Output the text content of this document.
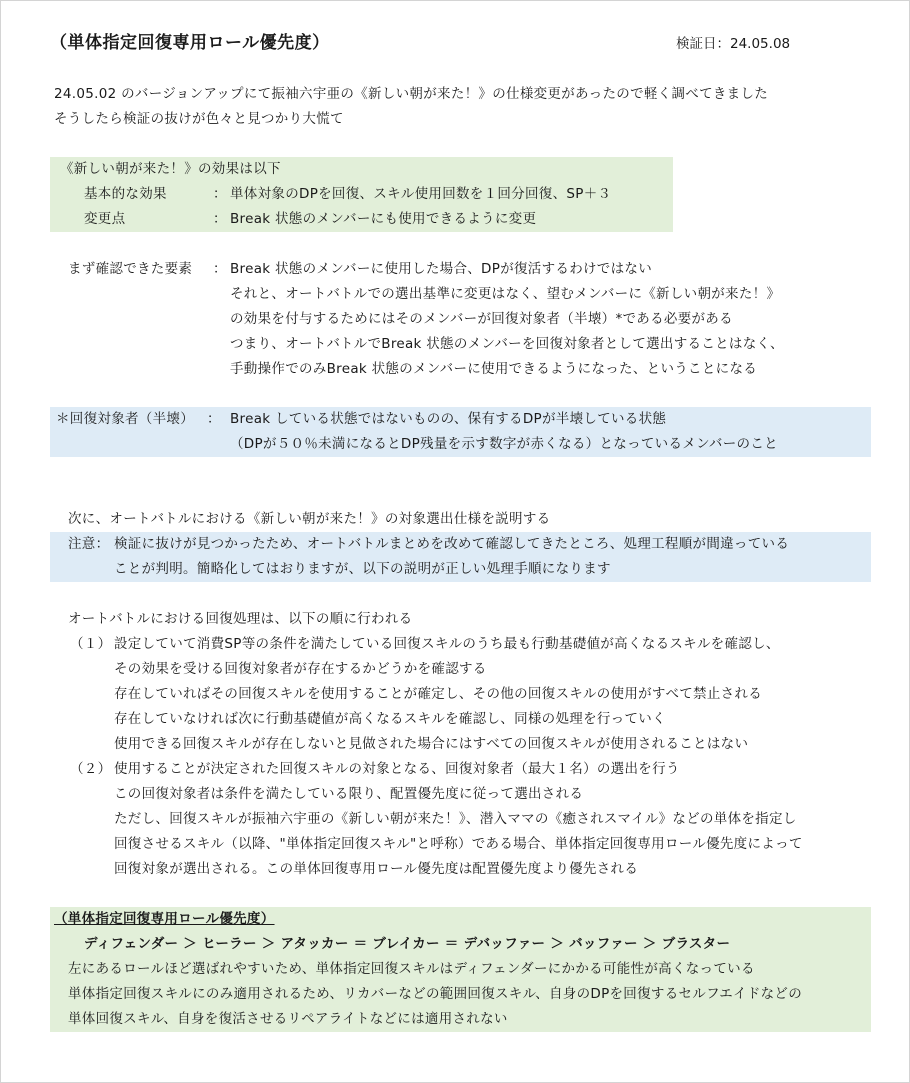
（単体指定回復専用ロール優先度）	検証日：24.05.08
24.05.02 のバージョンアップにて振袖六宇亜の《新しい朝が来た！》の仕様変更があったので軽く調べてきました
そうしたら検証の抜けが色々と見つかり大慌て
《新しい朝が来た！》の効果は以下
基本的な効果	： 単体対象のDPを回復、スキル使用回数を１回分回復、SP＋３
変更点	： Break 状態のメンバーにも使用できるように変更
まず確認できた要素 ： Break 状態のメンバーに使用した場合、DPが復活するわけではない
それと、オートバトルでの選出基準に変更はなく、望むメンバーに《新しい朝が来た！》
の効果を付与するためにはそのメンバーが回復対象者（半壊）*である必要がある
つまり、オートバトルでBreak 状態のメンバーを回復対象者として選出することはなく、
手動操作でのみBreak 状態のメンバーに使用できるようになった、ということになる
＊回復対象者（半壊） ： Break している状態ではないものの、保有するDPが半壊している状態
（DPが５０％未満になるとDP残量を示す数字が赤くなる）となっているメンバーのこと
次に、オートバトルにおける《新しい朝が来た！》の対象選出仕様を説明する
注意： 検証に抜けが見つかったため、オートバトルまとめを改めて確認してきたところ、処理工程順が間違っている
ことが判明。簡略化してはおりますが、以下の説明が正しい処理手順になります
オートバトルにおける回復処理は、以下の順に行われる
（１） 設定していて消費SP等の条件を満たしている回復スキルのうち最も行動基礎値が高くなるスキルを確認し、
その効果を受ける回復対象者が存在するかどうかを確認する
存在していればその回復スキルを使用することが確定し、その他の回復スキルの使用がすべて禁止される
存在していなければ次に行動基礎値が高くなるスキルを確認し、同様の処理を行っていく
使用できる回復スキルが存在しないと見做された場合にはすべての回復スキルが使用されることはない
（２） 使用することが決定された回復スキルの対象となる、回復対象者（最大１名）の選出を行う
この回復対象者は条件を満たしている限り、配置優先度に従って選出される
ただし、回復スキルが振袖六宇亜の《新しい朝が来た！》、潜入ママの《癒されスマイル》などの単体を指定し
回復させるスキル（以降、"単体指定回復スキル"と呼称）である場合、単体指定回復専用ロール優先度によって
回復対象が選出される。この単体回復専用ロール優先度は配置優先度より優先される
（単体指定回復専用ロール優先度）
ディフェンダー ＞ ヒーラー ＞ アタッカー ＝ ブレイカー ＝ デバッファー ＞ バッファー ＞ ブラスター
左にあるロールほど選ばれやすいため、単体指定回復スキルはディフェンダーにかかる可能性が高くなっている
単体指定回復スキルにのみ適用されるため、リカバーなどの範囲回復スキル、自身のDPを回復するセルフエイドなどの
単体回復スキル、自身を復活させるリペアライトなどには適用されない
